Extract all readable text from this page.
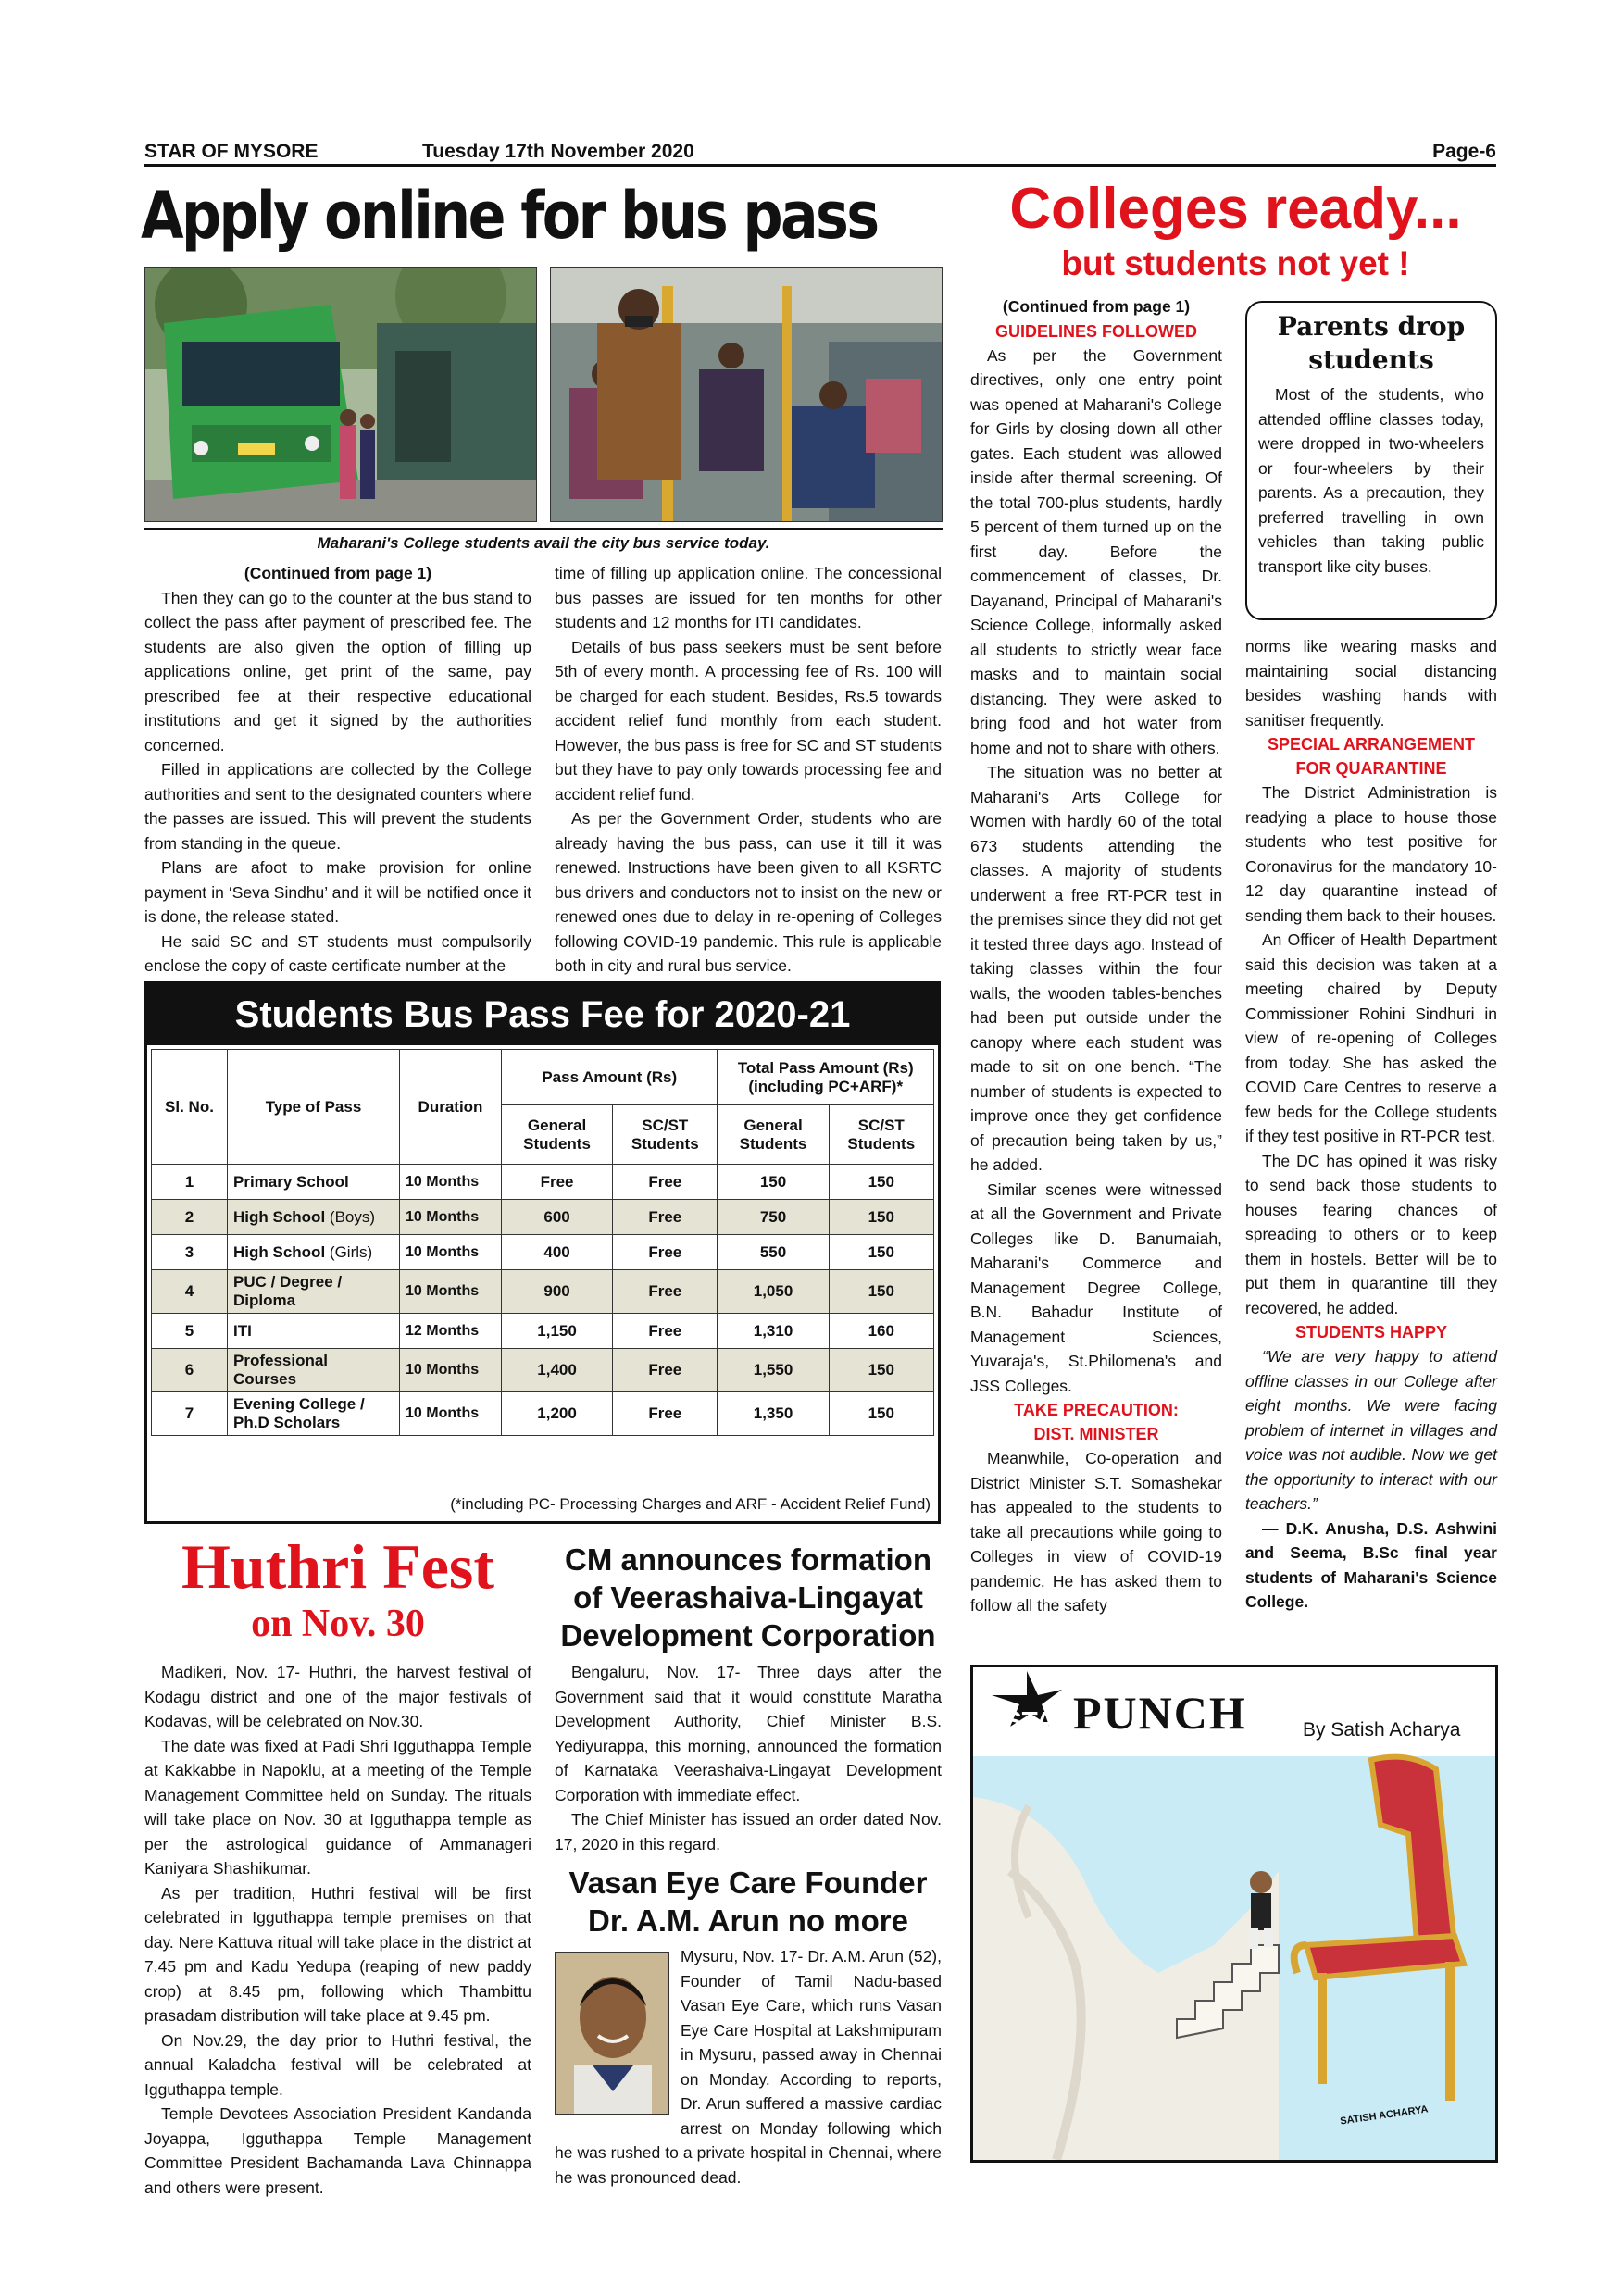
STAR OF MYSORE	Tuesday 17th November 2020	Page-6
Apply online for bus pass
Maharani's College students avail the city bus service today.

(Continued from page 1)

Then they can go to the counter at the bus stand to collect the pass after payment of prescribed fee. The students are also given the option of filling up applications online, get print of the same, pay prescribed fee at their respective educational institutions and get it signed by the authorities concerned.

Filled in applications are collected by the College authorities and sent to the designated counters where the passes are issued. This will prevent the students from standing in the queue.

Plans are afoot to make provision for online payment in ‘Seva Sindhu’ and it will be notified once it is done, the release stated.

He said SC and ST students must compulsorily enclose the copy of caste certificate number at the

time of filling up application online. The concessional bus passes are issued for ten months for other students and 12 months for ITI candidates.

Details of bus pass seekers must be sent before 5th of every month. A processing fee of Rs. 100 will be charged for each student. Besides, Rs.5 towards accident relief fund monthly from each student. However, the bus pass is free for SC and ST students but they have to pay only towards processing fee and accident relief fund.

As per the Government Order, students who are already having the bus pass, can use it till it was renewed. Instructions have been given to all KSRTC bus drivers and conductors not to insist on the new or renewed ones due to delay in re-opening of Colleges following COVID-19 pandemic. This rule is applicable both in city and rural bus service.

Students Bus Pass Fee for 2020-21
Sl. No.	Type of Pass	Duration	Pass Amount (Rs)		Total Pass Amount (Rs)
(including PC+ARF)*	

			General Students	SC/ST Students	General Students	SC/ST Students
1	Primary School	10 Months	Free	Free	150	150
2	High School (Boys)	10 Months	600	Free	750	150
3	High School (Girls)	10 Months	400	Free	550	150
4	PUC / Degree / Diploma	10 Months	900	Free	1,050	150
5	ITI	12 Months	1,150	Free	1,310	160
6	Professional Courses	10 Months	1,400	Free	1,550	150
7	Evening College / Ph.D Scholars	10 Months	1,200	Free	1,350	150
(*including PC- Processing Charges and ARF - Accident Relief Fund)
Colleges ready...
but students not yet !

(Continued from page 1)

GUIDELINES FOLLOWED

As per the Government directives, only one entry point was opened at Maharani's College for Girls by closing down all other gates. Each student was allowed inside after thermal screening. Of the total 700-plus students, hardly 5 percent of them turned up on the first day. Before the commencement of classes, Dr. Dayanand, Principal of Maharani's Science College, informally asked all students to strictly wear face masks and to maintain social distancing. They were asked to bring food and hot water from home and not to share with others.

The situation was no better at Maharani's Arts College for Women with hardly 60 of the total 673 students attending the classes. A majority of students underwent a free RT-PCR test in the premises since they did not get it tested three days ago. Instead of taking classes within the four walls, the wooden tables-benches had been put outside under the canopy where each student was made to sit on one bench. “The number of students is expected to improve once they get confidence of precaution being taken by us,” he added.

Similar scenes were witnessed at all the Government and Private Colleges like D. Banumaiah, Maharani's Commerce and Management Degree College, B.N. Bahadur Institute of Management Sciences, Yuvaraja's, St.Philomena's and JSS Colleges.

TAKE PRECAUTION:
DIST. MINISTER

Meanwhile, Co-operation and District Minister S.T. Somashekar has appealed to the students to take all precautions while going to Colleges in view of COVID-19 pandemic. He has asked them to follow all the safety

Parents drop students

Most of the students, who attended offline classes today, were dropped in two-wheelers or four-wheelers by their parents. As a precaution, they preferred travelling in own vehicles than taking public transport like city buses.

norms like wearing masks and maintaining social distancing besides washing hands with sanitiser frequently.

SPECIAL ARRANGEMENT
FOR QUARANTINE

The District Administration is readying a place to house those students who test positive for Coronavirus for the mandatory 10-12 day quarantine instead of sending them back to their houses.

An Officer of Health Department said this decision was taken at a meeting chaired by Deputy Commissioner Rohini Sindhuri in view of re-opening of Colleges from today. She has asked the COVID Care Centres to reserve a few beds for the College students if they test positive in RT-PCR test.

The DC has opined it was risky to send back those students to houses fearing chances of spreading to others or to keep them in hostels. Better will be to put them in quarantine till they recovered, he added.

STUDENTS HAPPY

“We are very happy to attend offline classes in our College after eight months. We were facing problem of internet in villages and voice was not audible. Now we get the opportunity to interact with our teachers.”

— D.K. Anusha, D.S. Ashwini and Seema, B.Sc final year students of Maharani's Science College.

Huthri Fest
on Nov. 30

Madikeri, Nov. 17- Huthri, the harvest festival of Kodagu district and one of the major festivals of Kodavas, will be celebrated on Nov.30.

The date was fixed at Padi Shri Igguthappa Temple at Kakkabbe in Napoklu, at a meeting of the Temple Management Committee held on Sunday. The rituals will take place on Nov. 30 at Igguthappa temple as per the astrological guidance of Ammanageri Kaniyara Shashikumar.

As per tradition, Huthri festival will be first celebrated in Igguthappa temple premises on that day. Nere Kattuva ritual will take place in the district at 7.45 pm and Kadu Yedupa (reaping of new paddy crop) at 8.45 pm, following which Thambittu prasadam distribution will take place at 9.45 pm.

On Nov.29, the day prior to Huthri festival, the annual Kaladcha festival will be celebrated at Igguthappa temple.

Temple Devotees Association President Kandanda Joyappa, Igguthappa Temple Management Committee President Bachamanda Lava Chinnappa and others were present.

CM announces formation of Veerashaiva-Lingayat Development Corporation

Bengaluru, Nov. 17- Three days after the Government said that it would constitute Maratha Development Authority, Chief Minister B.S. Yediyurappa, this morning, announced the formation of Karnataka Veerashaiva-Lingayat Development Corporation with immediate effect.

The Chief Minister has issued an order dated Nov. 17, 2020 in this regard.

Vasan Eye Care Founder Dr. A.M. Arun no more

Mysuru, Nov. 17- Dr. A.M. Arun (52), Founder of Tamil Nadu-based Vasan Eye Care, which runs Vasan Eye Care Hospital at Lakshmipuram in Mysuru, passed away in Chennai on Monday. According to reports, Dr. Arun suffered a massive cardiac arrest on Monday following which he was rushed to a private hospital in Chennai, where he was pronounced dead.

STAR PUNCH	By Satish Acharya
SATISH ACHARYA
